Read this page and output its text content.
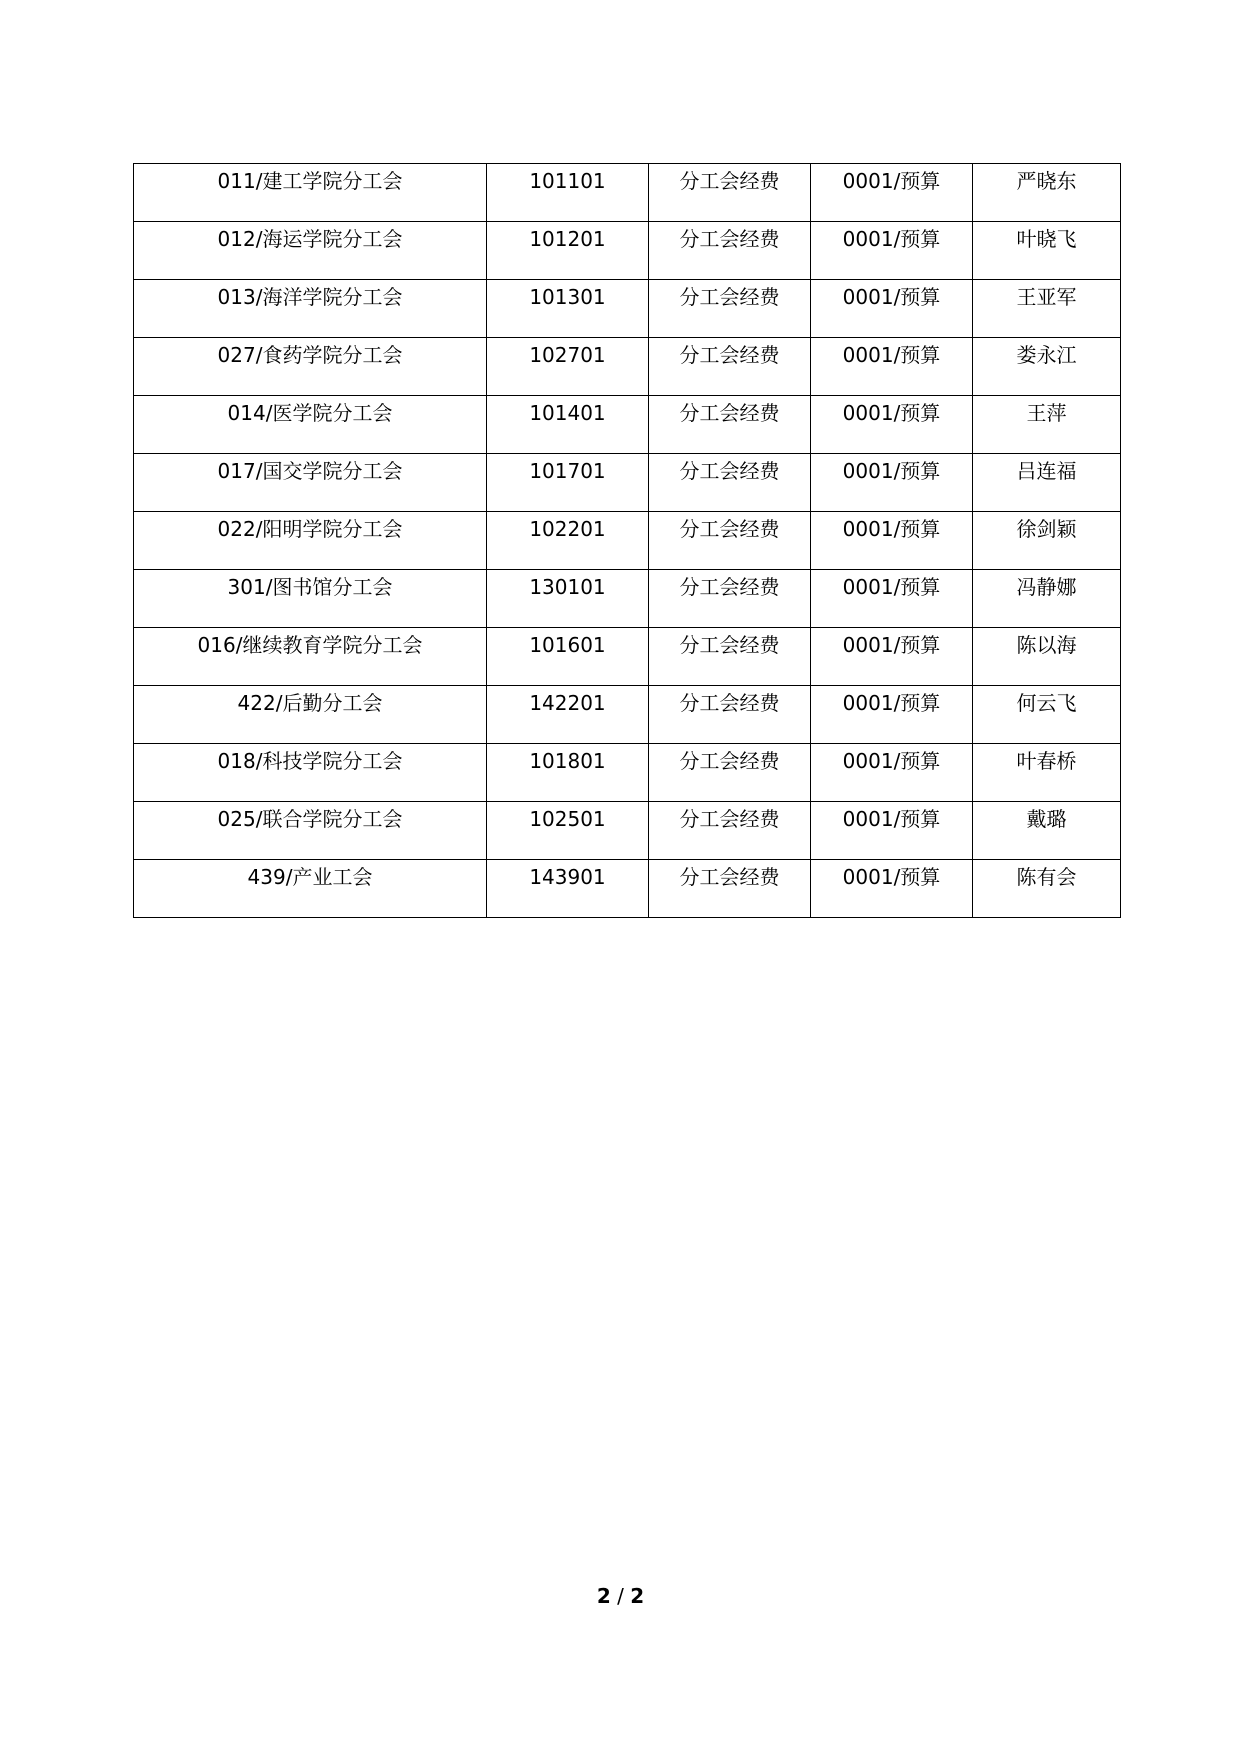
011/建工学院分工会	101101	分工会经费	0001/预算	严晓东
012/海运学院分工会	101201	分工会经费	0001/预算	叶晓飞
013/海洋学院分工会	101301	分工会经费	0001/预算	王亚军
027/食药学院分工会	102701	分工会经费	0001/预算	娄永江
014/医学院分工会	101401	分工会经费	0001/预算	王萍
017/国交学院分工会	101701	分工会经费	0001/预算	吕连福
022/阳明学院分工会	102201	分工会经费	0001/预算	徐剑颖
301/图书馆分工会	130101	分工会经费	0001/预算	冯静娜
016/继续教育学院分工会	101601	分工会经费	0001/预算	陈以海
422/后勤分工会	142201	分工会经费	0001/预算	何云飞
018/科技学院分工会	101801	分工会经费	0001/预算	叶春桥
025/联合学院分工会	102501	分工会经费	0001/预算	戴璐
439/产业工会	143901	分工会经费	0001/预算	陈有会
2 / 2
